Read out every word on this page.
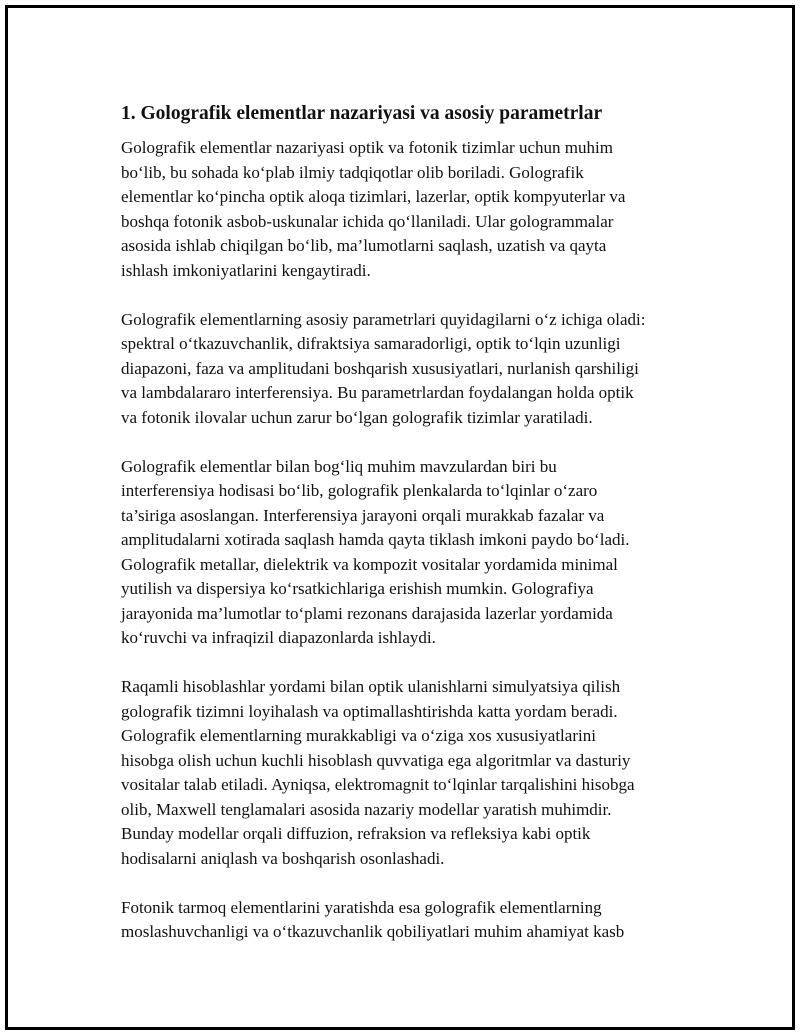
1. Golografik elementlar nazariyasi va asosiy parametrlar

Golografik elementlar nazariyasi optik va fotonik tizimlar uchun muhim
bo‘lib, bu sohada ko‘plab ilmiy tadqiqotlar olib boriladi. Golografik
elementlar ko‘pincha optik aloqa tizimlari, lazerlar, optik kompyuterlar va
boshqa fotonik asbob-uskunalar ichida qo‘llaniladi. Ular gologrammalar
asosida ishlab chiqilgan bo‘lib, ma’lumotlarni saqlash, uzatish va qayta
ishlash imkoniyatlarini kengaytiradi.

Golografik elementlarning asosiy parametrlari quyidagilarni o‘z ichiga oladi:
spektral o‘tkazuvchanlik, difraktsiya samaradorligi, optik to‘lqin uzunligi
diapazoni, faza va amplitudani boshqarish xususiyatlari, nurlanish qarshiligi
va lambdalararo interferensiya. Bu parametrlardan foydalangan holda optik
va fotonik ilovalar uchun zarur bo‘lgan golografik tizimlar yaratiladi.

Golografik elementlar bilan bog‘liq muhim mavzulardan biri bu
interferensiya hodisasi bo‘lib, golografik plenkalarda to‘lqinlar o‘zaro
ta’siriga asoslangan. Interferensiya jarayoni orqali murakkab fazalar va
amplitudalarni xotirada saqlash hamda qayta tiklash imkoni paydo bo‘ladi.
Golografik metallar, dielektrik va kompozit vositalar yordamida minimal
yutilish va dispersiya ko‘rsatkichlariga erishish mumkin. Golografiya
jarayonida ma’lumotlar to‘plami rezonans darajasida lazerlar yordamida
ko‘ruvchi va infraqizil diapazonlarda ishlaydi.

Raqamli hisoblashlar yordami bilan optik ulanishlarni simulyatsiya qilish
golografik tizimni loyihalash va optimallashtirishda katta yordam beradi.
Golografik elementlarning murakkabligi va o‘ziga xos xususiyatlarini
hisobga olish uchun kuchli hisoblash quvvatiga ega algoritmlar va dasturiy
vositalar talab etiladi. Ayniqsa, elektromagnit to‘lqinlar tarqalishini hisobga
olib, Maxwell tenglamalari asosida nazariy modellar yaratish muhimdir.
Bunday modellar orqali diffuzion, refraksion va refleksiya kabi optik
hodisalarni aniqlash va boshqarish osonlashadi.

Fotonik tarmoq elementlarini yaratishda esa golografik elementlarning
moslashuvchanligi va o‘tkazuvchanlik qobiliyatlari muhim ahamiyat kasb
